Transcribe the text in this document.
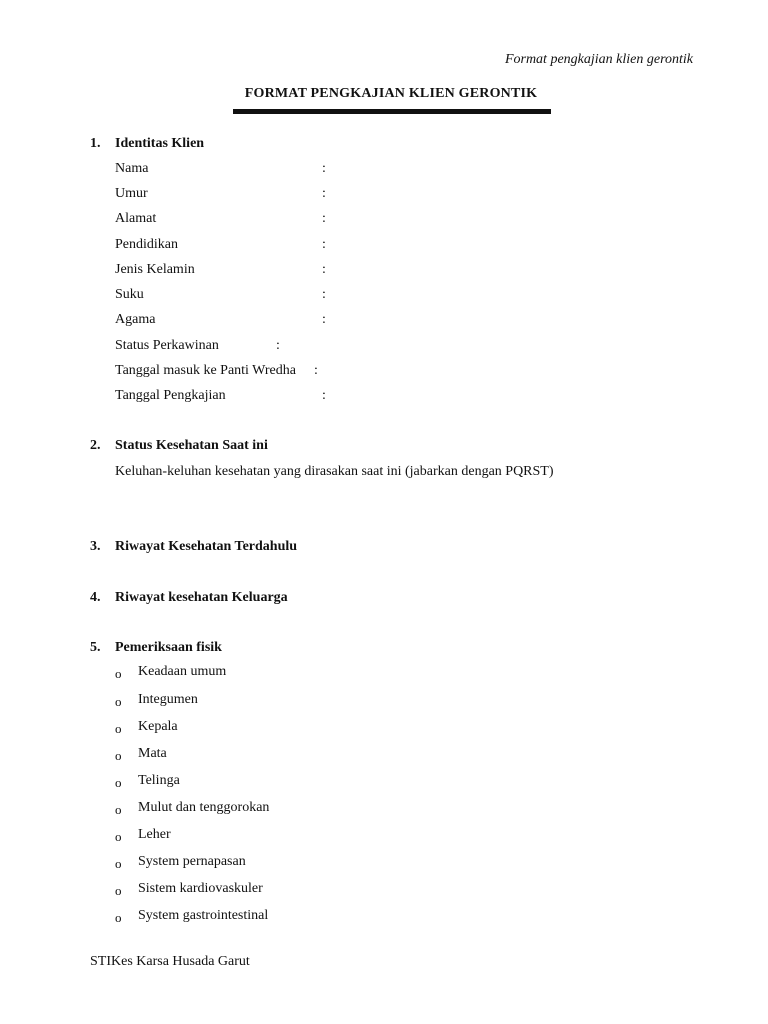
Format pengkajian klien gerontik
FORMAT PENGKAJIAN KLIEN GERONTIK
1. Identitas Klien
Nama	:
Umur	:
Alamat	:
Pendidikan	:
Jenis Kelamin	:
Suku	:
Agama	:
Status Perkawinan	:
Tanggal masuk ke Panti Wredha :
Tanggal Pengkajian	:
2. Status Kesehatan Saat ini
Keluhan-keluhan kesehatan yang dirasakan saat ini (jabarkan dengan PQRST)
3. Riwayat Kesehatan Terdahulu
4. Riwayat kesehatan Keluarga
5. Pemeriksaan fisik
o Keadaan umum
o Integumen
o Kepala
o Mata
o Telinga
o Mulut dan tenggorokan
o Leher
o System pernapasan
o Sistem kardiovaskuler
o System gastrointestinal
STIKes Karsa Husada Garut
